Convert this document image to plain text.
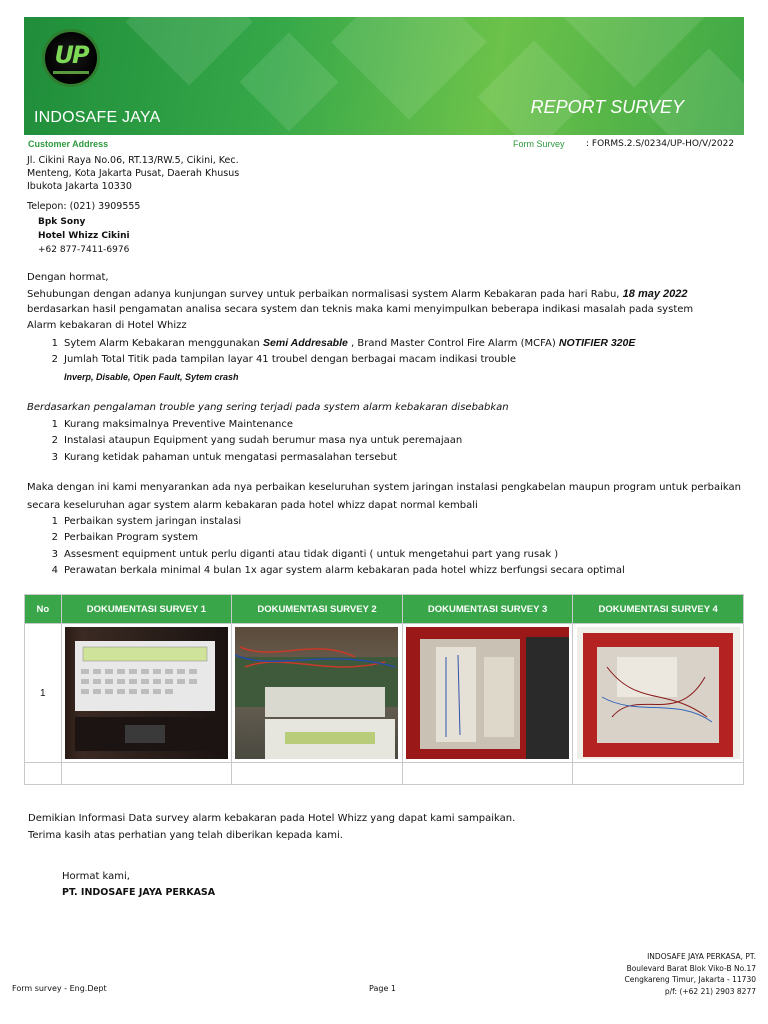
UP
INDOSAFE JAYA
REPORT SURVEY
Customer Address	Form Survey : FORMS.2.S/0234/UP-HO/V/2022
Jl. Cikini Raya No.06, RT.13/RW.5, Cikini, Kec.
Menteng, Kota Jakarta Pusat, Daerah Khusus
Ibukota Jakarta 10330
Telepon: (021) 3909555
Bpk Sony
Hotel Whizz Cikini
+62 877-7411-6976
Dengan hormat,
Sehubungan dengan adanya kunjungan survey untuk perbaikan normalisasi system Alarm Kebakaran pada hari Rabu, 18 may 2022
berdasarkan hasil pengamatan analisa secara system dan teknis maka kami menyimpulkan beberapa indikasi masalah pada system
Alarm kebakaran di Hotel Whizz
1 Sytem Alarm Kebakaran menggunakan Semi Addresable , Brand Master Control Fire Alarm (MCFA) NOTIFIER 320E
2 Jumlah Total Titik pada tampilan layar 41 troubel dengan berbagai macam indikasi trouble
Inverp, Disable, Open Fault, Sytem crash
Berdasarkan pengalaman trouble yang sering terjadi pada system alarm kebakaran disebabkan
1 Kurang maksimalnya Preventive Maintenance
2 Instalasi ataupun Equipment yang sudah berumur masa nya untuk peremajaan
3 Kurang ketidak pahaman untuk mengatasi permasalahan tersebut
Maka dengan ini kami menyarankan ada nya perbaikan keseluruhan system jaringan instalasi pengkabelan maupun program untuk perbaikan
secara keseluruhan agar system alarm kebakaran pada hotel whizz dapat normal kembali
1 Perbaikan system jaringan instalasi
2 Perbaikan Program system
3 Assesment equipment untuk perlu diganti atau tidak diganti ( untuk mengetahui part yang rusak )
4 Perawatan berkala minimal 4 bulan 1x agar system alarm kebakaran pada hotel whizz berfungsi secara optimal
No	DOKUMENTASI SURVEY 1	DOKUMENTASI SURVEY 2	DOKUMENTASI SURVEY 3	DOKUMENTASI SURVEY 4
1	

Demikian Informasi Data survey alarm kebakaran pada Hotel Whizz yang dapat kami sampaikan.
Terima kasih atas perhatian yang telah diberikan kepada kami.
Hormat kami,
PT. INDOSAFE JAYA PERKASA
Form survey - Eng.Dept	Page 1
INDOSAFE JAYA PERKASA, PT.
Boulevard Barat Blok Viko-B No.17
Cengkareng Timur, Jakarta - 11730
p/f: (+62 21) 2903 8277
